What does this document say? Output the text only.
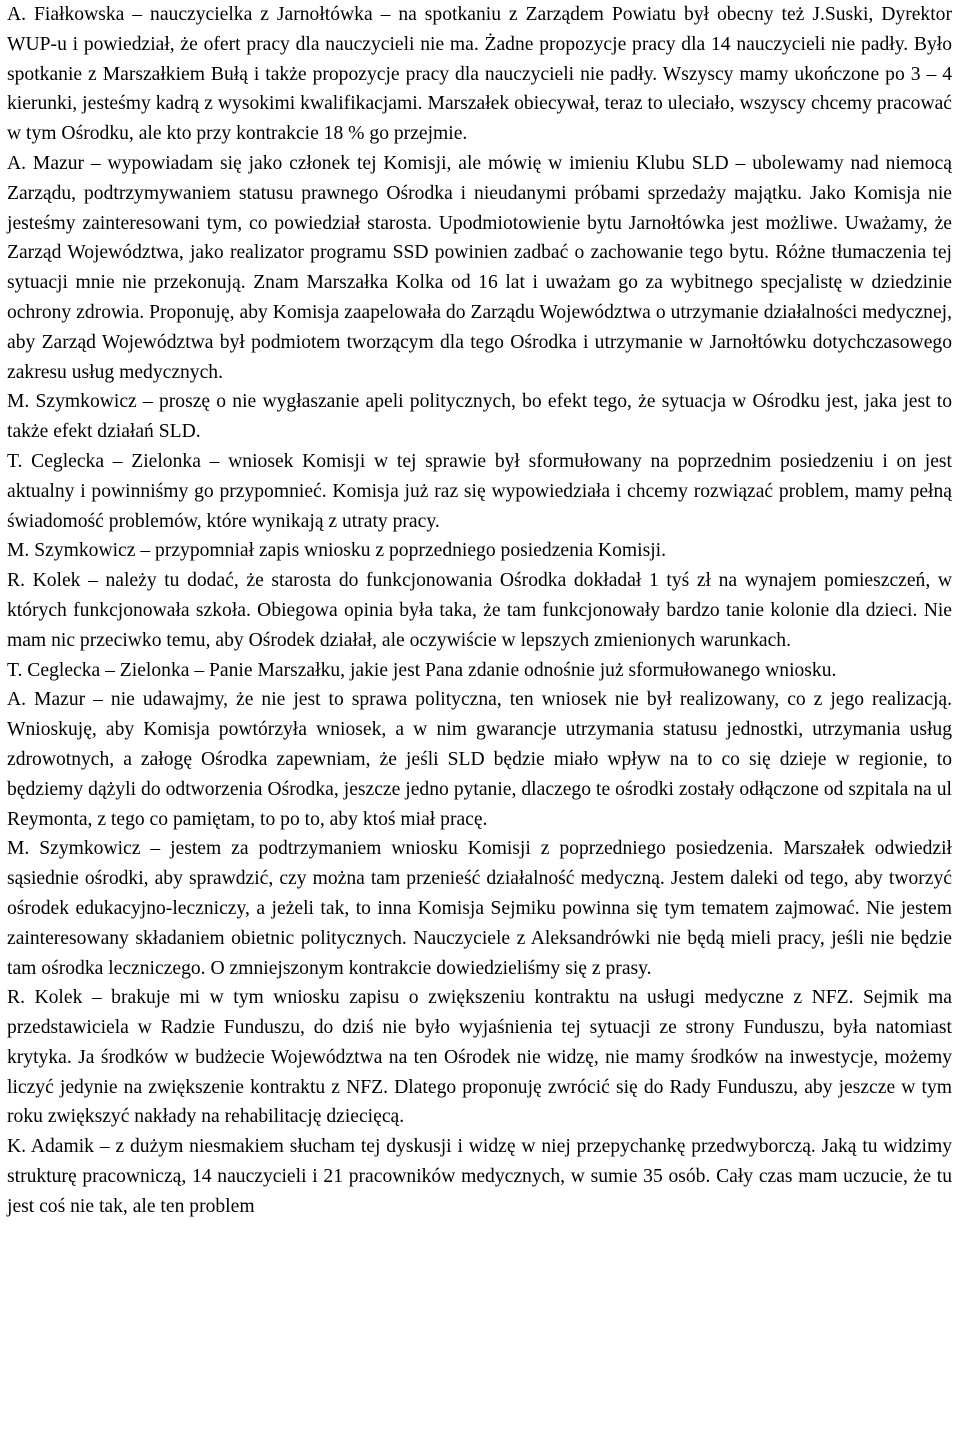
A. Fiałkowska – nauczycielka z Jarnołtówka – na spotkaniu z Zarządem Powiatu był obecny też J.Suski, Dyrektor WUP-u i powiedział, że ofert pracy dla nauczycieli nie ma. Żadne propozycje pracy dla 14 nauczycieli nie padły. Było spotkanie z Marszałkiem Bułą i także propozycje pracy dla nauczycieli nie padły. Wszyscy mamy ukończone po 3 – 4 kierunki, jesteśmy kadrą z wysokimi kwalifikacjami. Marszałek obiecywał, teraz to uleciało, wszyscy chcemy pracować w tym Ośrodku, ale kto przy kontrakcie 18 % go przejmie.

A. Mazur – wypowiadam się jako członek tej Komisji, ale mówię w imieniu Klubu SLD – ubolewamy nad niemocą Zarządu, podtrzymywaniem statusu prawnego Ośrodka i nieudanymi próbami sprzedaży majątku. Jako Komisja nie jesteśmy zainteresowani tym, co powiedział starosta. Upodmiotowienie bytu Jarnołtówka jest możliwe. Uważamy, że Zarząd Województwa, jako realizator programu SSD powinien zadbać o zachowanie tego bytu. Różne tłumaczenia tej sytuacji mnie nie przekonują. Znam Marszałka Kolka od 16 lat i uważam go za wybitnego specjalistę w dziedzinie ochrony zdrowia. Proponuję, aby Komisja zaapelowała do Zarządu Województwa o utrzymanie działalności medycznej, aby Zarząd Województwa był podmiotem tworzącym dla tego Ośrodka i utrzymanie w Jarnołtówku dotychczasowego zakresu usług medycznych.

M. Szymkowicz – proszę o nie wygłaszanie apeli politycznych, bo efekt tego, że sytuacja w Ośrodku jest, jaka jest to także efekt działań SLD.

T. Ceglecka – Zielonka – wniosek Komisji w tej sprawie był sformułowany na poprzednim posiedzeniu i on jest aktualny i powinniśmy go przypomnieć. Komisja już raz się wypowiedziała i chcemy rozwiązać problem, mamy pełną świadomość problemów, które wynikają z utraty pracy.

M. Szymkowicz – przypomniał zapis wniosku z poprzedniego posiedzenia Komisji.

R. Kolek – należy tu dodać, że starosta do funkcjonowania Ośrodka dokładał 1 tyś zł na wynajem pomieszczeń, w których funkcjonowała szkoła. Obiegowa opinia była taka, że tam funkcjonowały bardzo tanie kolonie dla dzieci. Nie mam nic przeciwko temu, aby Ośrodek działał, ale oczywiście w lepszych zmienionych warunkach.

T. Ceglecka – Zielonka – Panie Marszałku, jakie jest Pana zdanie odnośnie już sformułowanego wniosku.

A. Mazur – nie udawajmy, że nie jest to sprawa polityczna, ten wniosek nie był realizowany, co z jego realizacją. Wnioskuję, aby Komisja powtórzyła wniosek, a w nim gwarancje utrzymania statusu jednostki, utrzymania usług zdrowotnych, a załogę Ośrodka zapewniam, że jeśli SLD będzie miało wpływ na to co się dzieje w regionie, to będziemy dążyli do odtworzenia Ośrodka, jeszcze jedno pytanie, dlaczego te ośrodki zostały odłączone od szpitala na ul Reymonta, z tego co pamiętam, to po to, aby ktoś miał pracę.

M. Szymkowicz – jestem za podtrzymaniem wniosku Komisji z poprzedniego posiedzenia. Marszałek odwiedził sąsiednie ośrodki, aby sprawdzić, czy można tam przenieść działalność medyczną. Jestem daleki od tego, aby tworzyć ośrodek edukacyjno-leczniczy, a jeżeli tak, to inna Komisja Sejmiku powinna się tym tematem zajmować. Nie jestem zainteresowany składaniem obietnic politycznych. Nauczyciele z Aleksandrówki nie będą mieli pracy, jeśli nie będzie tam ośrodka leczniczego. O zmniejszonym kontrakcie dowiedzieliśmy się z prasy.

R. Kolek – brakuje mi w tym wniosku zapisu o zwiększeniu kontraktu na usługi medyczne z NFZ. Sejmik ma przedstawiciela w Radzie Funduszu, do dziś nie było wyjaśnienia tej sytuacji ze strony Funduszu, była natomiast krytyka. Ja środków w budżecie Województwa na ten Ośrodek nie widzę, nie mamy środków na inwestycje, możemy liczyć jedynie na zwiększenie kontraktu z NFZ. Dlatego proponuję zwrócić się do Rady Funduszu, aby jeszcze w tym roku zwiększyć nakłady na rehabilitację dziecięcą.

K. Adamik – z dużym niesmakiem słucham tej dyskusji i widzę w niej przepychankę przedwyborczą. Jaką tu widzimy strukturę pracowniczą, 14 nauczycieli i 21 pracowników medycznych, w sumie 35 osób. Cały czas mam uczucie, że tu jest coś nie tak, ale ten problem
